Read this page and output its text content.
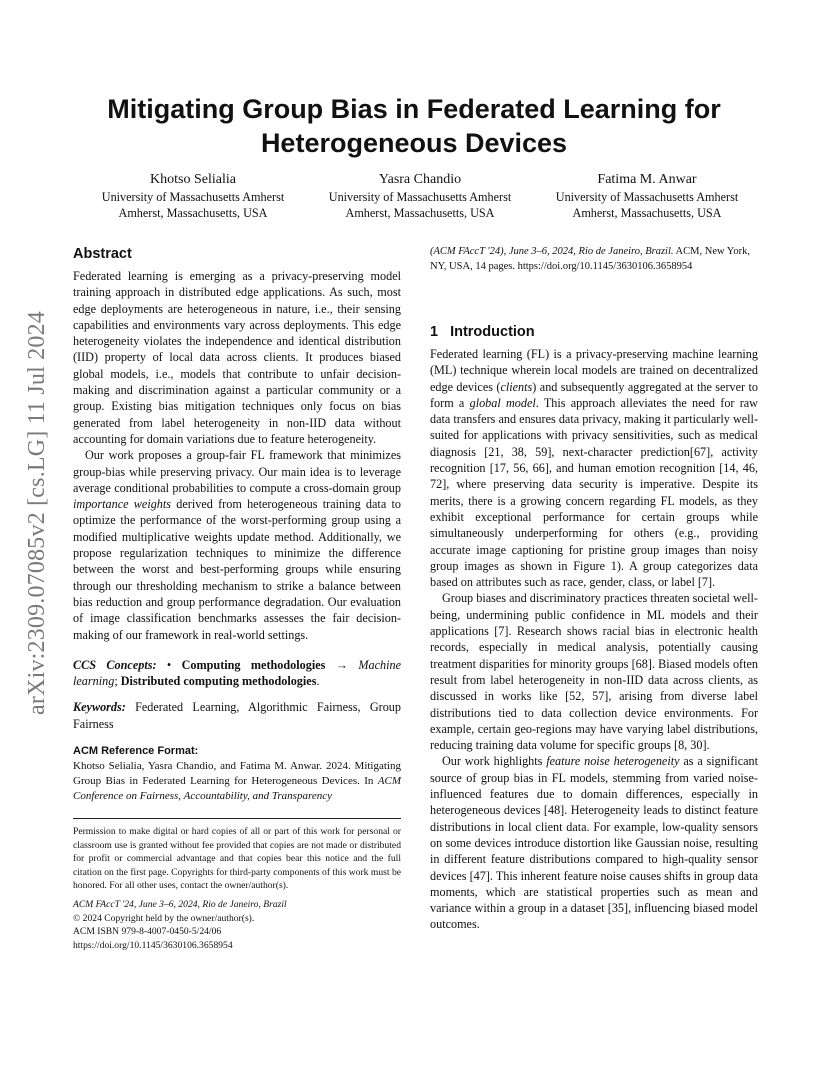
arXiv:2309.07085v2 [cs.LG] 11 Jul 2024
Mitigating Group Bias in Federated Learning for
Heterogeneous Devices
Khotso Selialia
University of Massachusetts Amherst
Amherst, Massachusetts, USA
Yasra Chandio
University of Massachusetts Amherst
Amherst, Massachusetts, USA
Fatima M. Anwar
University of Massachusetts Amherst
Amherst, Massachusetts, USA
Abstract

Federated learning is emerging as a privacy-preserving model training approach in distributed edge applications. As such, most edge deployments are heterogeneous in nature, i.e., their sensing capabilities and environments vary across deployments. This edge heterogeneity violates the independence and identical distribution (IID) property of local data across clients. It produces biased global models, i.e., models that contribute to unfair decision-making and discrimination against a particular community or a group. Existing bias mitigation techniques only focus on bias generated from label heterogeneity in non-IID data without accounting for domain variations due to feature heterogeneity.

Our work proposes a group-fair FL framework that minimizes group-bias while preserving privacy. Our main idea is to leverage average conditional probabilities to compute a cross-domain group importance weights derived from heterogeneous training data to optimize the performance of the worst-performing group using a modified multiplicative weights update method. Additionally, we propose regularization techniques to minimize the difference between the worst and best-performing groups while ensuring through our thresholding mechanism to strike a balance between bias reduction and group performance degradation. Our evaluation of image classification benchmarks assesses the fair decision-making of our framework in real-world settings.

CCS Concepts: • Computing methodologies → Machine learning; Distributed computing methodologies.
Keywords: Federated Learning, Algorithmic Fairness, Group Fairness
ACM Reference Format:
Khotso Selialia, Yasra Chandio, and Fatima M. Anwar. 2024. Mitigating Group Bias in Federated Learning for Heterogeneous Devices. In ACM Conference on Fairness, Accountability, and Transparency
Permission to make digital or hard copies of all or part of this work for personal or classroom use is granted without fee provided that copies are not made or distributed for profit or commercial advantage and that copies bear this notice and the full citation on the first page. Copyrights for third-party components of this work must be honored. For all other uses, contact the owner/author(s).
ACM FAccT '24, June 3–6, 2024, Rio de Janeiro, Brazil
© 2024 Copyright held by the owner/author(s).
ACM ISBN 979-8-4007-0450-5/24/06
https://doi.org/10.1145/3630106.3658954
(ACM FAccT '24), June 3–6, 2024, Rio de Janeiro, Brazil. ACM, New York, NY, USA, 14 pages. https://doi.org/10.1145/3630106.3658954
1 Introduction

Federated learning (FL) is a privacy-preserving machine learning (ML) technique wherein local models are trained on decentralized edge devices (clients) and subsequently aggregated at the server to form a global model. This approach alleviates the need for raw data transfers and ensures data privacy, making it particularly well-suited for applications with privacy sensitivities, such as medical diagnosis [21, 38, 59], next-character prediction[67], activity recognition [17, 56, 66], and human emotion recognition [14, 46, 72], where preserving data security is imperative. Despite its merits, there is a growing concern regarding FL models, as they exhibit exceptional performance for certain groups while simultaneously underperforming for others (e.g., providing accurate image captioning for pristine group images than noisy group images as shown in Figure 1). A group categorizes data based on attributes such as race, gender, class, or label [7].

Group biases and discriminatory practices threaten societal well-being, undermining public confidence in ML models and their applications [7]. Research shows racial bias in electronic health records, especially in medical analysis, potentially causing treatment disparities for minority groups [68]. Biased models often result from label heterogeneity in non-IID data across clients, as discussed in works like [52, 57], arising from diverse label distributions tied to data collection device environments. For example, certain geo-regions may have varying label distributions, reducing training data volume for specific groups [8, 30].

Our work highlights feature noise heterogeneity as a significant source of group bias in FL models, stemming from varied noise-influenced features due to domain differences, especially in heterogeneous devices [48]. Heterogeneity leads to distinct feature distributions in local client data. For example, low-quality sensors on some devices introduce distortion like Gaussian noise, resulting in different feature distributions compared to high-quality sensor devices [47]. This inherent feature noise causes shifts in group data moments, which are statistical properties such as mean and variance within a group in a dataset [35], influencing biased model outcomes.
